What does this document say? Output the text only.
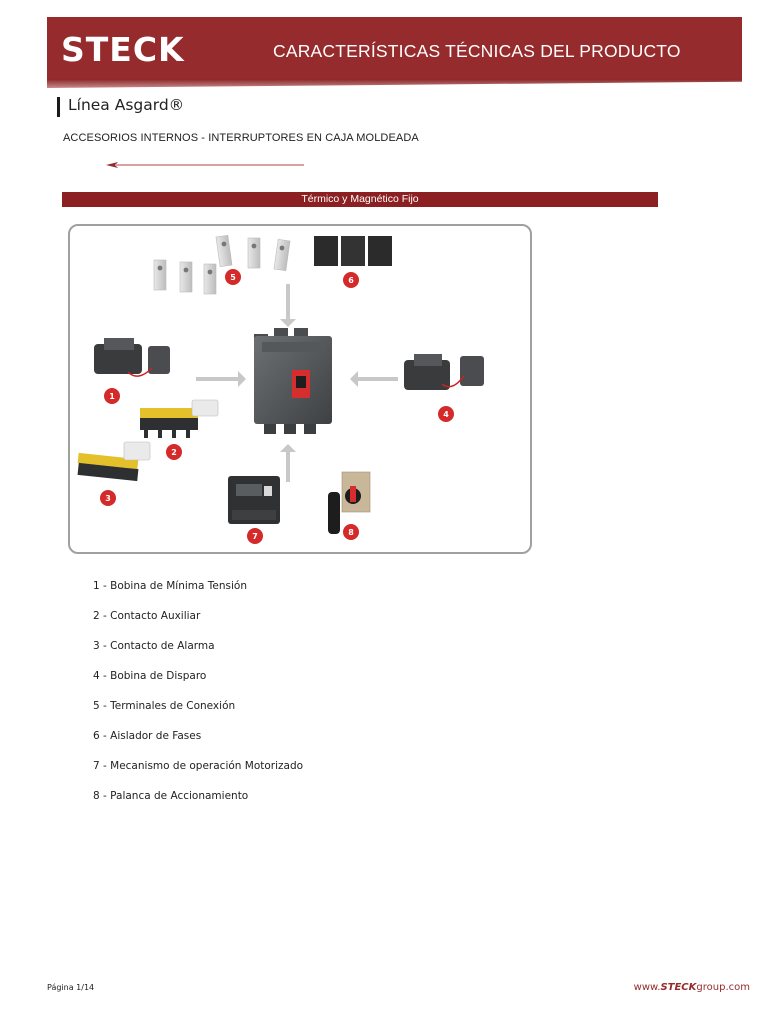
STECK	CARACTERÍSTICAS TÉCNICAS DEL PRODUCTO
Línea Asgard®
ACCESORIOS INTERNOS - INTERRUPTORES EN CAJA MOLDEADA
Térmico y Magnético Fijo
1
2
3
4
5	6
7	8
1 - Bobina de Mínima Tensión
2 - Contacto Auxiliar
3 - Contacto de Alarma
4 - Bobina de Disparo
5 - Terminales de Conexión
6 - Aislador de Fases
7 - Mecanismo de operación Motorizado
8 - Palanca de Accionamiento
Página 1/14	www.STECKgroup.com
